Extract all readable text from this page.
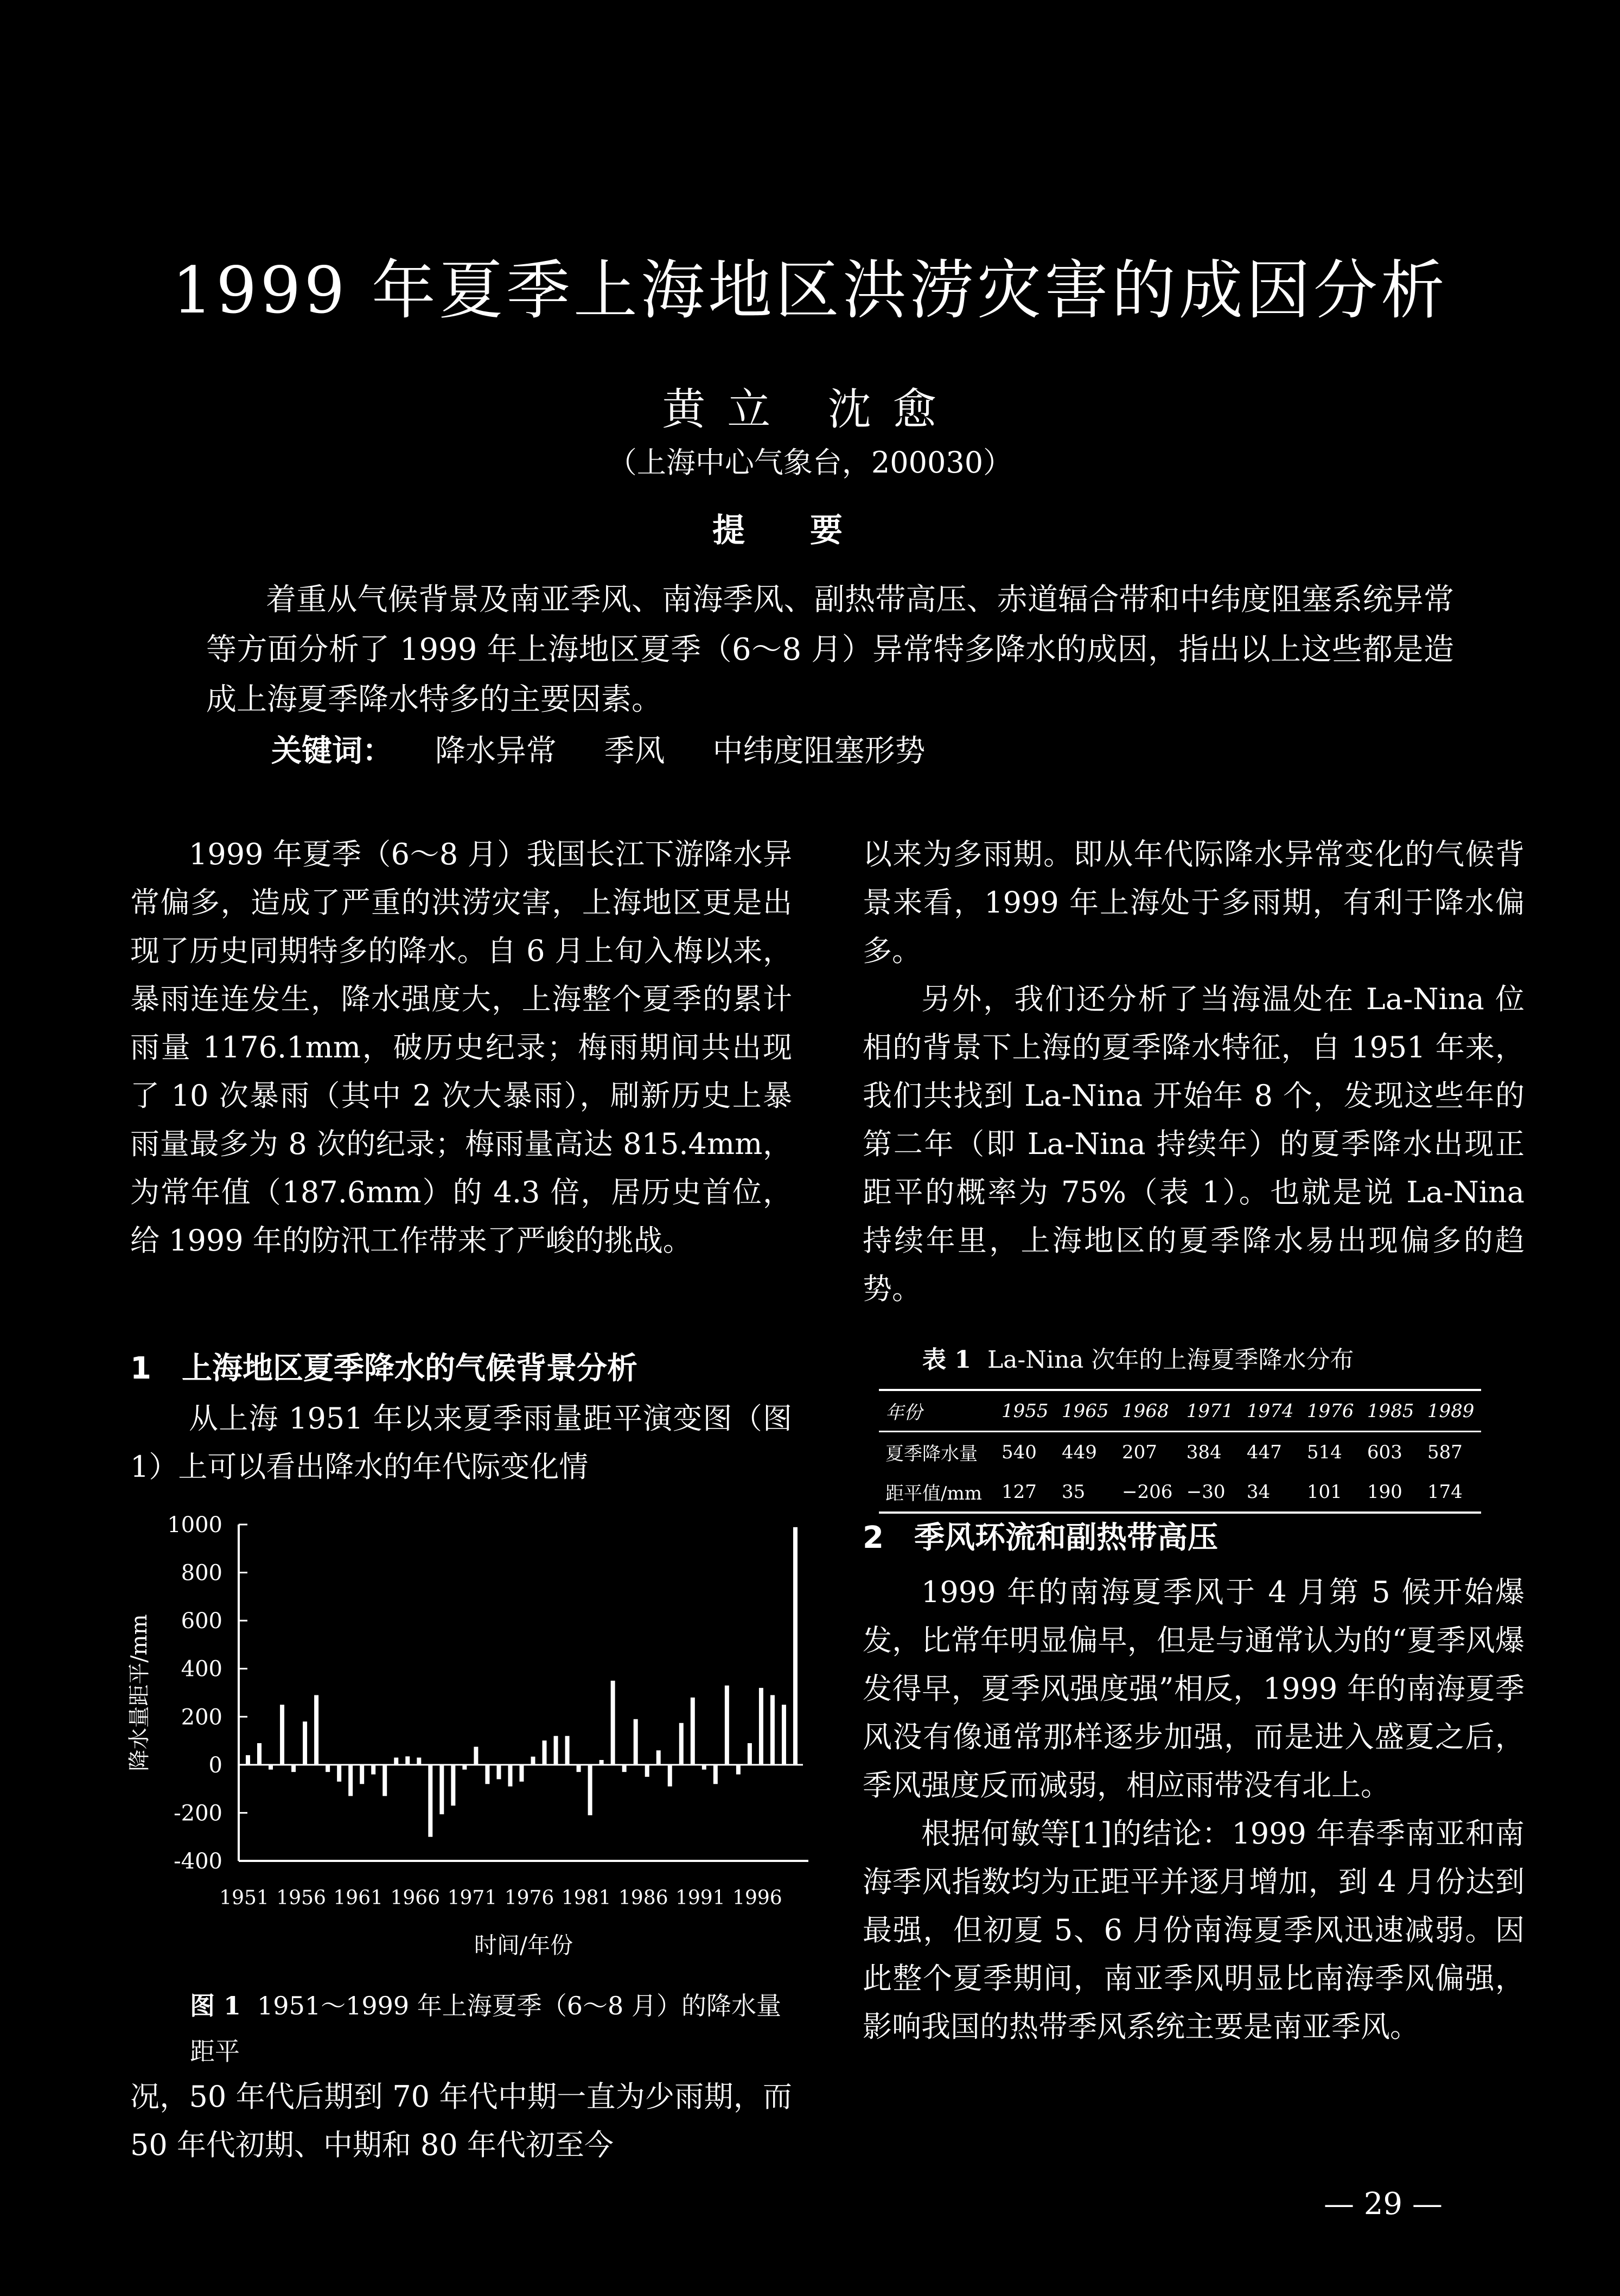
1999 年夏季上海地区洪涝灾害的成因分析
黄立 沈愈
（上海中心气象台，200030）
提要
着重从气候背景及南亚季风、南海季风、副热带高压、赤道辐合带和中纬度阻塞系统异常等方面分析了 1999 年上海地区夏季（6～8 月）异常特多降水的成因，指出以上这些都是造成上海夏季降水特多的主要因素。
关键词： 降水异常 季风 中纬度阻塞形势

1999 年夏季（6～8 月）我国长江下游降水异常偏多，造成了严重的洪涝灾害，上海地区更是出现了历史同期特多的降水。自 6 月上旬入梅以来，暴雨连连发生，降水强度大，上海整个夏季的累计雨量 1176.1mm，破历史纪录；梅雨期间共出现了 10 次暴雨（其中 2 次大暴雨），刷新历史上暴雨量最多为 8 次的纪录；梅雨量高达 815.4mm，为常年值（187.6mm）的 4.3 倍，居历史首位，给 1999 年的防汛工作带来了严峻的挑战。

1　上海地区夏季降水的气候背景分析

从上海 1951 年以来夏季雨量距平演变图（图 1）上可以看出降水的年代际变化情

1000
800
600
400
200
0
-200
-400
1951 1956 1961 1966 1971 1976 1981 1986 1991 1996
时间/年份
降水量距平/mm
图 1 1951～1999 年上海夏季（6～8 月）的降水量距平

况，50 年代后期到 70 年代中期一直为少雨期，而 50 年代初期、中期和 80 年代初至今

以来为多雨期。即从年代际降水异常变化的气候背景来看，1999 年上海处于多雨期，有利于降水偏多。

另外，我们还分析了当海温处在 La-Nina 位相的背景下上海的夏季降水特征，自 1951 年来，我们共找到 La-Nina 开始年 8 个，发现这些年的第二年（即 La-Nina 持续年）的夏季降水出现正距平的概率为 75%（表 1）。也就是说 La-Nina 持续年里，上海地区的夏季降水易出现偏多的趋势。

表 1 La-Nina 次年的上海夏季降水分布
年份	1955	1965	1968	1971	1974	1976	1985	1989
夏季降水量	540	449	207	384	447	514	603	587
距平值/mm	127	35	−206	−30	34	101	190	174
2　季风环流和副热带高压

1999 年的南海夏季风于 4 月第 5 候开始爆发，比常年明显偏早，但是与通常认为的“夏季风爆发得早，夏季风强度强”相反，1999 年的南海夏季风没有像通常那样逐步加强，而是进入盛夏之后，季风强度反而减弱，相应雨带没有北上。

根据何敏等[1]的结论：1999 年春季南亚和南海季风指数均为正距平并逐月增加，到 4 月份达到最强，但初夏 5、6 月份南海夏季风迅速减弱。因此整个夏季期间，南亚季风明显比南海季风偏强，影响我国的热带季风系统主要是南亚季风。

— 29 —
